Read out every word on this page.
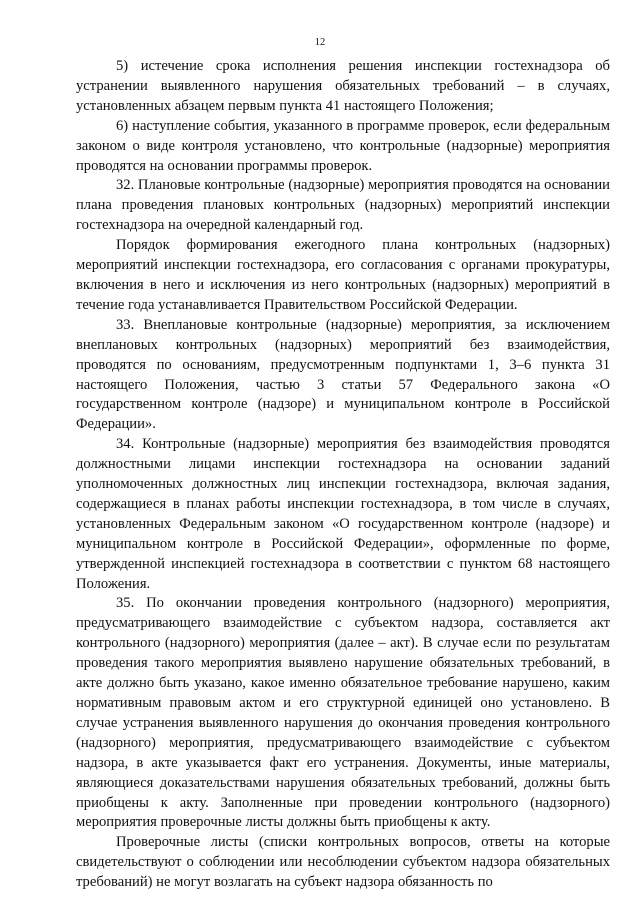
12

5) истечение срока исполнения решения инспекции гостехнадзора об устранении выявленного нарушения обязательных требований – в случаях, установленных абзацем первым пункта 41 настоящего Положения;

6) наступление события, указанного в программе проверок, если федеральным законом о виде контроля установлено, что контрольные (надзорные) мероприятия проводятся на основании программы проверок.

32. Плановые контрольные (надзорные) мероприятия проводятся на основании плана проведения плановых контрольных (надзорных) мероприятий инспекции гостехнадзора на очередной календарный год.

Порядок формирования ежегодного плана контрольных (надзорных) мероприятий инспекции гостехнадзора, его согласования с органами прокуратуры, включения в него и исключения из него контрольных (надзорных) мероприятий в течение года устанавливается Правительством Российской Федерации.

33. Внеплановые контрольные (надзорные) мероприятия, за исключением внеплановых контрольных (надзорных) мероприятий без взаимодействия, проводятся по основаниям, предусмотренным подпунктами 1, 3–6 пункта 31 настоящего Положения, частью 3 статьи 57 Федерального закона «О государственном контроле (надзоре) и муниципальном контроле в Российской Федерации».

34. Контрольные (надзорные) мероприятия без взаимодействия проводятся должностными лицами инспекции гостехнадзора на основании заданий уполномоченных должностных лиц инспекции гостехнадзора, включая задания, содержащиеся в планах работы инспекции гостехнадзора, в том числе в случаях, установленных Федеральным законом «О государственном контроле (надзоре) и муниципальном контроле в Российской Федерации», оформленные по форме, утвержденной инспекцией гостехнадзора в соответствии с пунктом 68 настоящего Положения.

35. По окончании проведения контрольного (надзорного) мероприятия, предусматривающего взаимодействие с субъектом надзора, составляется акт контрольного (надзорного) мероприятия (далее – акт). В случае если по результатам проведения такого мероприятия выявлено нарушение обязательных требований, в акте должно быть указано, какое именно обязательное требование нарушено, каким нормативным правовым актом и его структурной единицей оно установлено. В случае устранения выявленного нарушения до окончания проведения контрольного (надзорного) мероприятия, предусматривающего взаимодействие с субъектом надзора, в акте указывается факт его устранения. Документы, иные материалы, являющиеся доказательствами нарушения обязательных требований, должны быть приобщены к акту. Заполненные при проведении контрольного (надзорного) мероприятия проверочные листы должны быть приобщены к акту.

Проверочные листы (списки контрольных вопросов, ответы на которые свидетельствуют о соблюдении или несоблюдении субъектом надзора обязательных требований) не могут возлагать на субъект надзора обязанность по
